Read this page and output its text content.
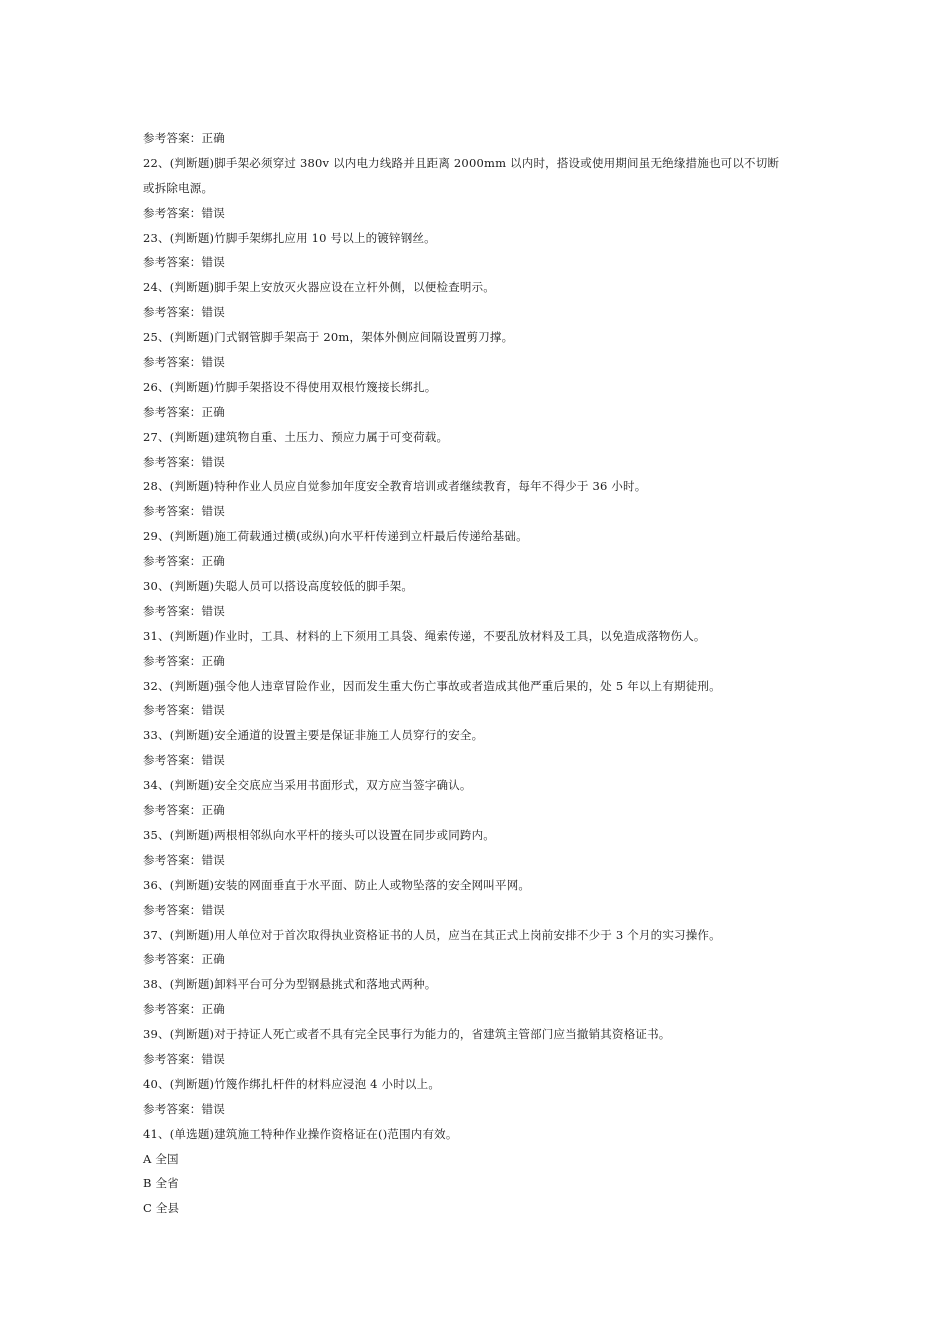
参考答案：正确
22、(判断题)脚手架必须穿过 380v 以内电力线路并且距离 2000mm 以内时，搭设或使用期间虽无绝缘措施也可以不切断
或拆除电源。
参考答案：错误
23、(判断题)竹脚手架绑扎应用 10 号以上的镀锌钢丝。
参考答案：错误
24、(判断题)脚手架上安放灭火器应设在立杆外侧，以便检查明示。
参考答案：错误
25、(判断题)门式钢管脚手架高于 20m，架体外侧应间隔设置剪刀撑。
参考答案：错误
26、(判断题)竹脚手架搭设不得使用双根竹篾接长绑扎。
参考答案：正确
27、(判断题)建筑物自重、土压力、预应力属于可变荷载。
参考答案：错误
28、(判断题)特种作业人员应自觉参加年度安全教育培训或者继续教育，每年不得少于 36 小时。
参考答案：错误
29、(判断题)施工荷载通过横(或纵)向水平杆传递到立杆最后传递给基础。
参考答案：正确
30、(判断题)失聪人员可以搭设高度较低的脚手架。
参考答案：错误
31、(判断题)作业时，工具、材料的上下须用工具袋、绳索传递，不要乱放材料及工具，以免造成落物伤人。
参考答案：正确
32、(判断题)强令他人违章冒险作业，因而发生重大伤亡事故或者造成其他严重后果的，处 5 年以上有期徒刑。
参考答案：错误
33、(判断题)安全通道的设置主要是保证非施工人员穿行的安全。
参考答案：错误
34、(判断题)安全交底应当采用书面形式，双方应当签字确认。
参考答案：正确
35、(判断题)两根相邻纵向水平杆的接头可以设置在同步或同跨内。
参考答案：错误
36、(判断题)安装的网面垂直于水平面、防止人或物坠落的安全网叫平网。
参考答案：错误
37、(判断题)用人单位对于首次取得执业资格证书的人员，应当在其正式上岗前安排不少于 3 个月的实习操作。
参考答案：正确
38、(判断题)卸料平台可分为型钢悬挑式和落地式两种。
参考答案：正确
39、(判断题)对于持证人死亡或者不具有完全民事行为能力的，省建筑主管部门应当撤销其资格证书。
参考答案：错误
40、(判断题)竹篾作绑扎杆件的材料应浸泡 4 小时以上。
参考答案：错误
41、(单选题)建筑施工特种作业操作资格证在()范围内有效。
A 全国
B 全省
C 全县
